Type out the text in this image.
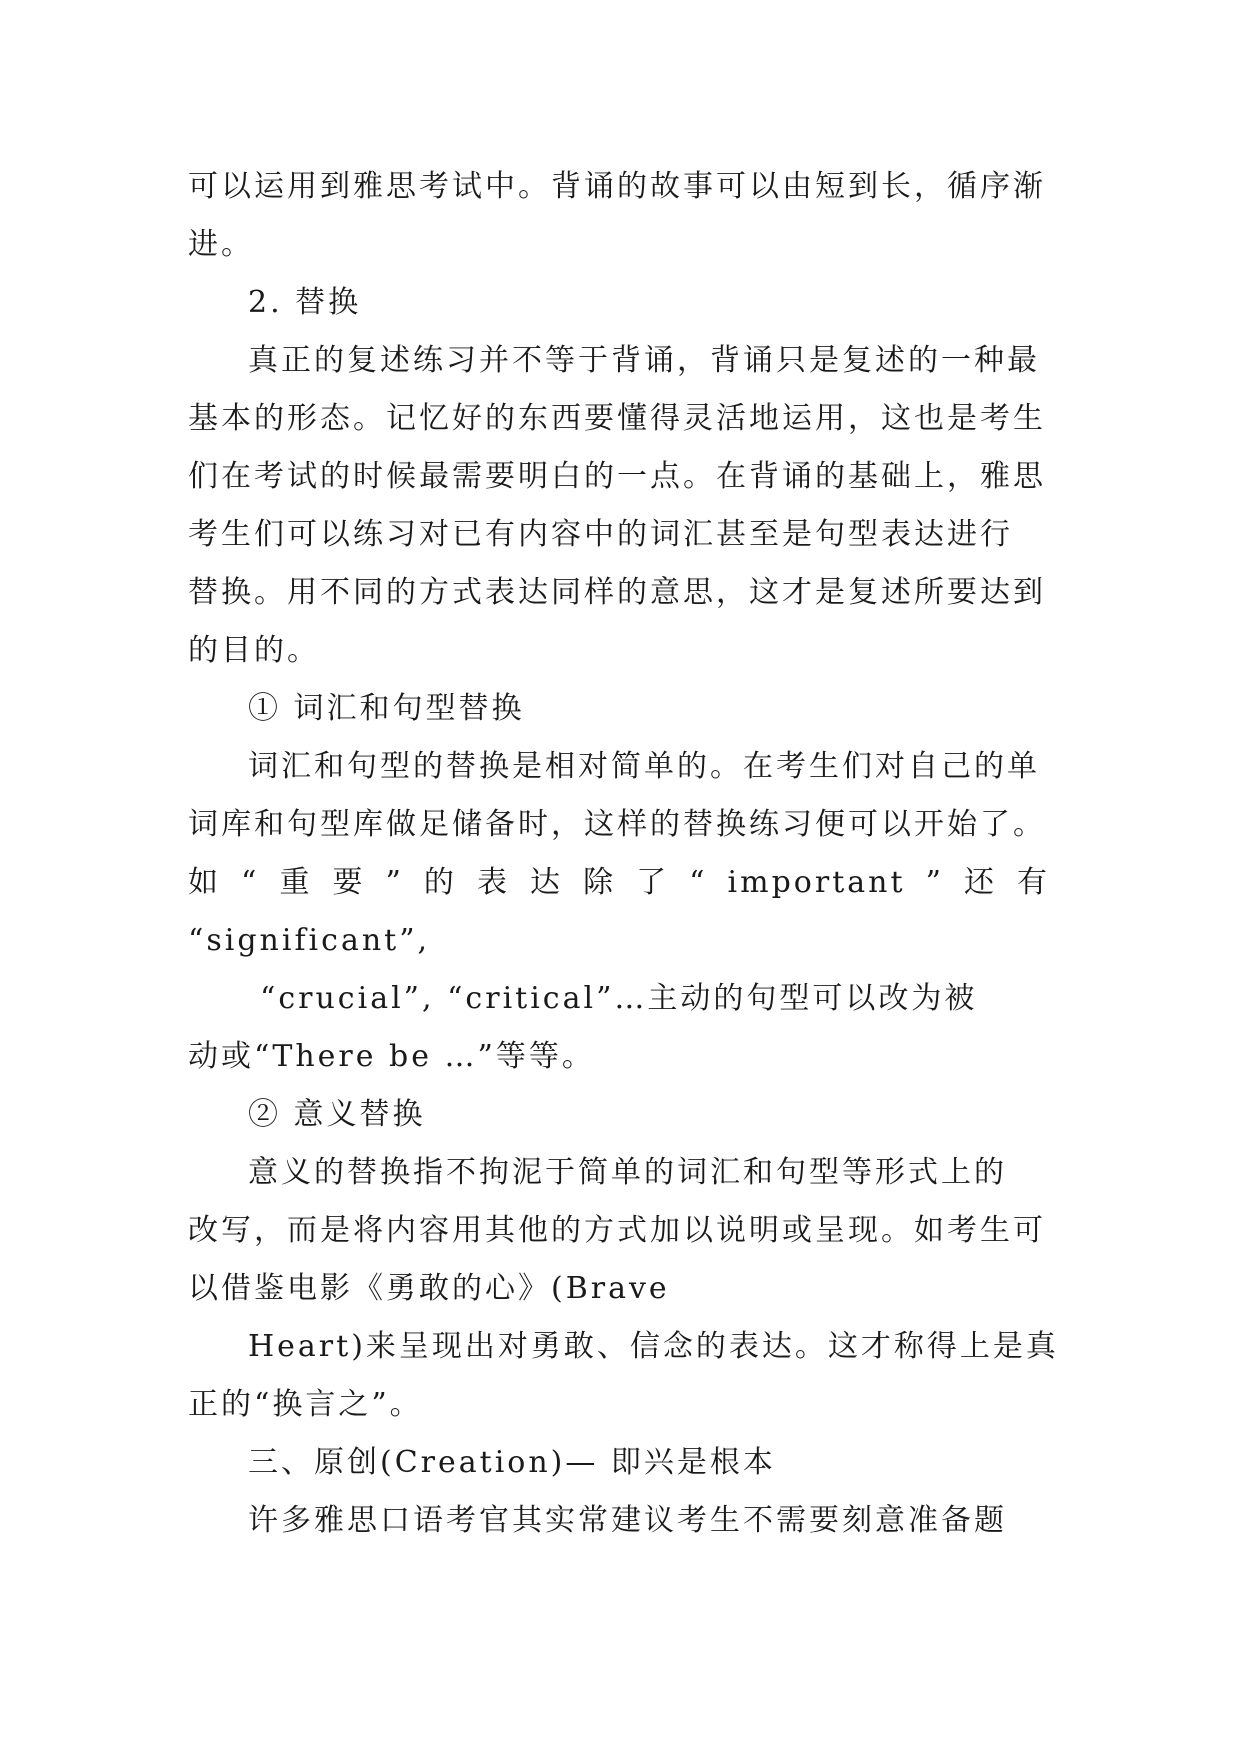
可以运用到雅思考试中。背诵的故事可以由短到长，循序渐
进。
2. 替换
真正的复述练习并不等于背诵，背诵只是复述的一种最
基本的形态。记忆好的东西要懂得灵活地运用，这也是考生
们在考试的时候最需要明白的一点。在背诵的基础上，雅思
考生们可以练习对已有内容中的词汇甚至是句型表达进行
替换。用不同的方式表达同样的意思，这才是复述所要达到
的目的。
① 词汇和句型替换
词汇和句型的替换是相对简单的。在考生们对自己的单
词库和句型库做足储备时，这样的替换练习便可以开始了。
如 “ 重 要 ” 的 表 达 除 了 “ important ” 还 有
“significant”,
“crucial”, “critical”…主动的句型可以改为被
动或“There be …”等等。
② 意义替换
意义的替换指不拘泥于简单的词汇和句型等形式上的
改写，而是将内容用其他的方式加以说明或呈现。如考生可
以借鉴电影《勇敢的心》(Brave
Heart)来呈现出对勇敢、信念的表达。这才称得上是真
正的“换言之”。
三、原创(Creation)— 即兴是根本
许多雅思口语考官其实常建议考生不需要刻意准备题
